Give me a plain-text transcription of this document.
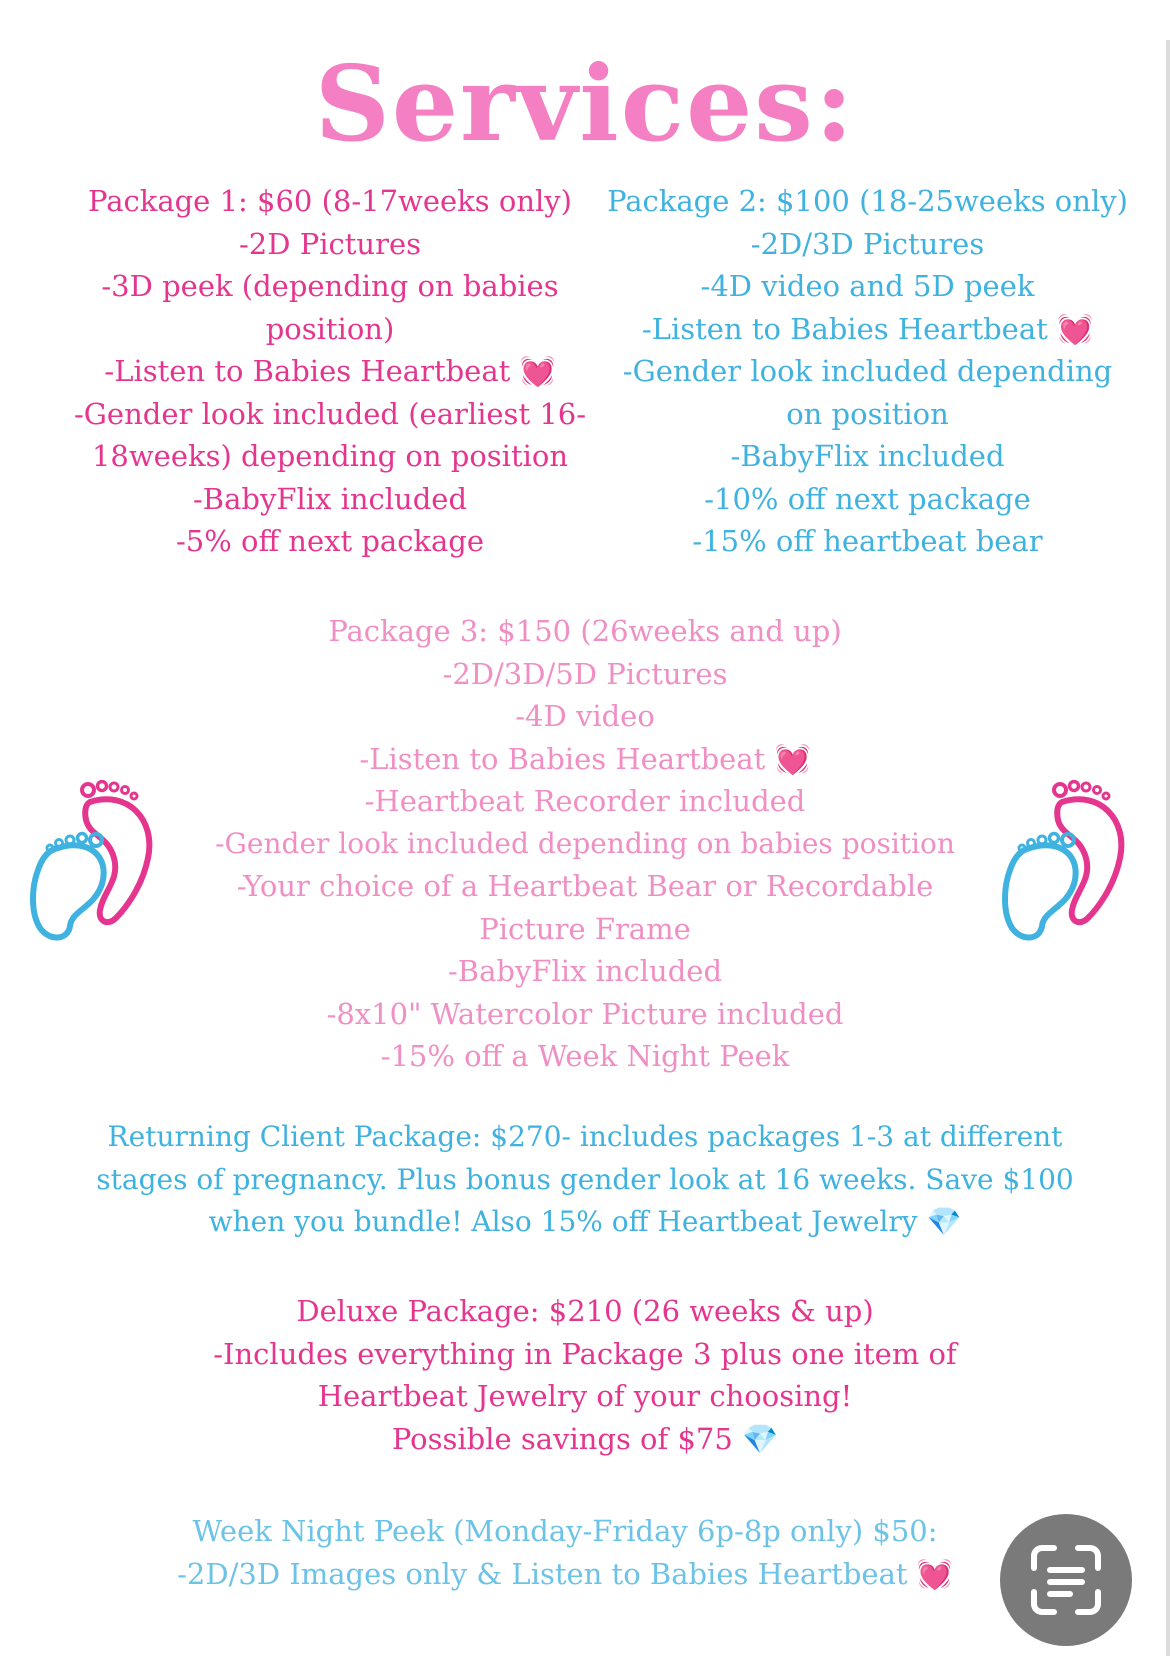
Services:
Package 1: $60 (8-17weeks only)
-2D Pictures
-3D peek (depending on babies
position)
-Listen to Babies Heartbeat 💓
-Gender look included (earliest 16-
18weeks) depending on position
-BabyFlix included
-5% off next package
Package 2: $100 (18-25weeks only)
-2D/3D Pictures
-4D video and 5D peek
-Listen to Babies Heartbeat 💓
-Gender look included depending
on position
-BabyFlix included
-10% off next package
-15% off heartbeat bear
Package 3: $150 (26weeks and up)
-2D/3D/5D Pictures
-4D video
-Listen to Babies Heartbeat 💓
-Heartbeat Recorder included
-Gender look included depending on babies position
-Your choice of a Heartbeat Bear or Recordable
Picture Frame
-BabyFlix included
-8x10" Watercolor Picture included
-15% off a Week Night Peek
Returning Client Package: $270- includes packages 1-3 at different
stages of pregnancy. Plus bonus gender look at 16 weeks. Save $100
when you bundle! Also 15% off Heartbeat Jewelry 💎
Deluxe Package: $210 (26 weeks & up)
-Includes everything in Package 3 plus one item of
Heartbeat Jewelry of your choosing!
Possible savings of $75 💎
Week Night Peek (Monday-Friday 6p-8p only) $50:
-2D/3D Images only & Listen to Babies Heartbeat 💓
